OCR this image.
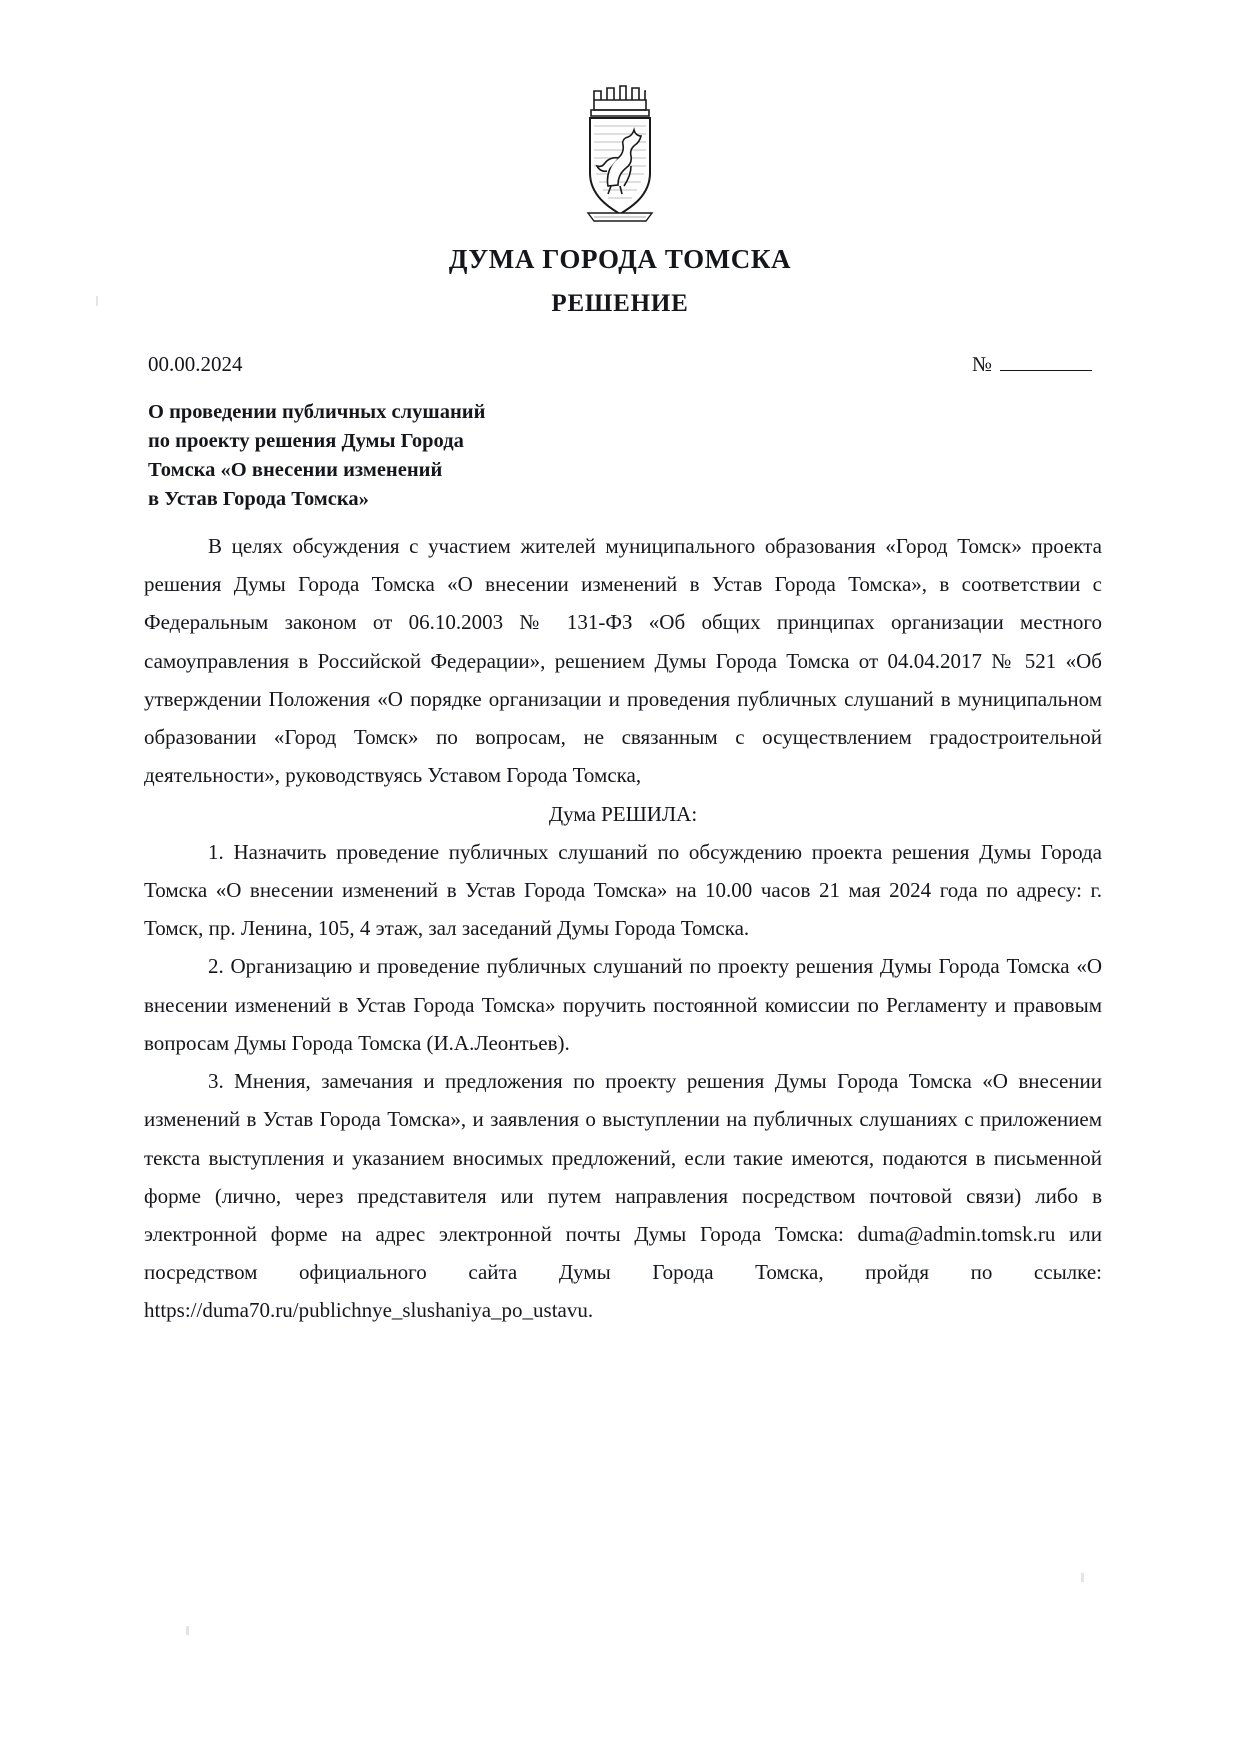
ДУМА ГОРОДА ТОМСКА
РЕШЕНИЕ
00.00.2024	№
О проведении публичных слушаний
по проекту решения Думы Города
Томска «О внесении изменений
в Устав Города Томска»

В целях обсуждения с участием жителей муниципального образования «Город Томск» проекта решения Думы Города Томска «О внесении изменений в Устав Города Томска», в соответствии с Федеральным законом от 06.10.2003 № 131-ФЗ «Об общих принципах организации местного самоуправления в Российской Федерации», решением Думы Города Томска от 04.04.2017 № 521 «Об утверждении Положения «О порядке организации и проведения публичных слушаний в муниципальном образовании «Город Томск» по вопросам, не связанным с осуществлением градостроительной деятельности», руководствуясь Уставом Города Томска,

Дума РЕШИЛА:

1. Назначить проведение публичных слушаний по обсуждению проекта решения Думы Города Томска «О внесении изменений в Устав Города Томска» на 10.00 часов 21 мая 2024 года по адресу: г. Томск, пр. Ленина, 105, 4 этаж, зал заседаний Думы Города Томска.

2. Организацию и проведение публичных слушаний по проекту решения Думы Города Томска «О внесении изменений в Устав Города Томска» поручить постоянной комиссии по Регламенту и правовым вопросам Думы Города Томска (И.А.Леонтьев).

3. Мнения, замечания и предложения по проекту решения Думы Города Томска «О внесении изменений в Устав Города Томска», и заявления о выступлении на публичных слушаниях с приложением текста выступления и указанием вносимых предложений, если такие имеются, подаются в письменной форме (лично, через представителя или путем направления посредством почтовой связи) либо в электронной форме на адрес электронной почты Думы Города Томска: duma@admin.tomsk.ru или посредством официального сайта Думы Города Томска, пройдя по ссылке: https://duma70.ru/publichnye_slushaniya_po_ustavu.
